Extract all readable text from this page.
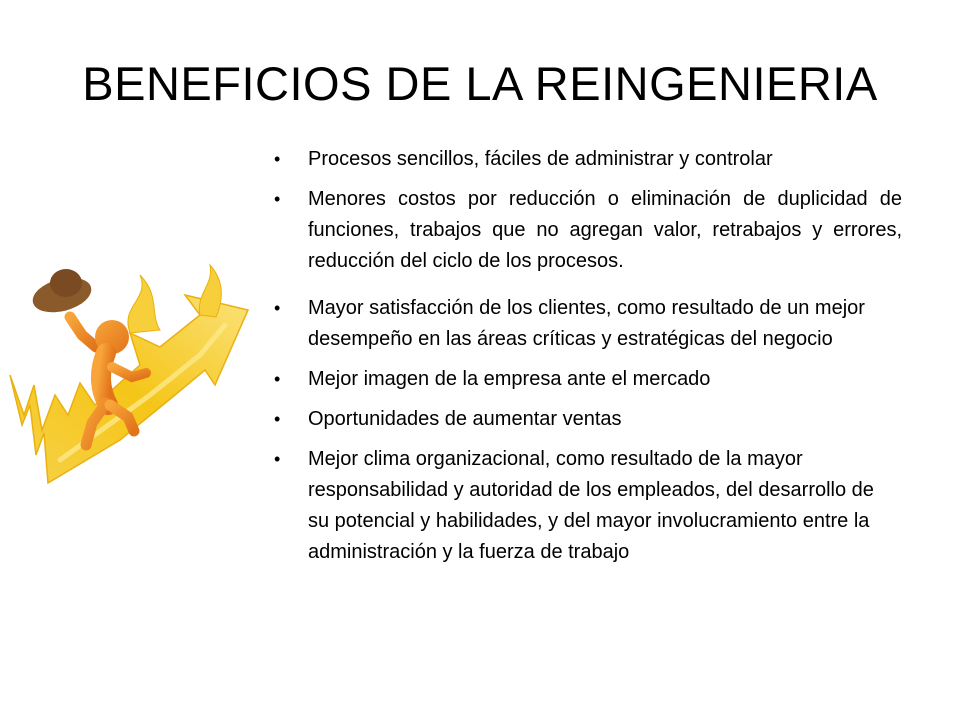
BENEFICIOS DE LA REINGENIERIA
• Procesos sencillos, fáciles de administrar y controlar
• Menores costos por reducción o eliminación de duplicidad de funciones, trabajos que no agregan valor, retrabajos y errores, reducción del ciclo de los procesos.
• Mayor satisfacción de los clientes, como resultado de un mejor desempeño en las áreas críticas y estratégicas del negocio
• Mejor imagen de la empresa ante el mercado
• Oportunidades de aumentar ventas
• Mejor clima organizacional, como resultado de la mayor responsabilidad y autoridad de los empleados, del desarrollo de su potencial y habilidades, y del mayor involucramiento entre la administración y la fuerza de trabajo
